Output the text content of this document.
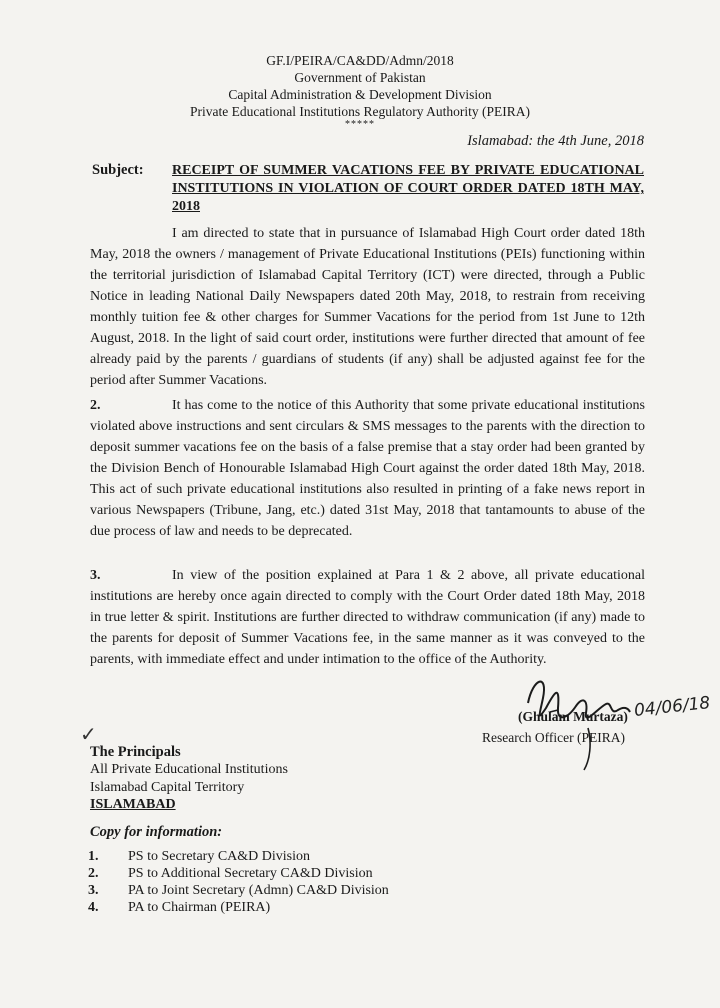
GF.I/PEIRA/CA&DD/Admn/2018
Government of Pakistan
Capital Administration & Development Division
Private Educational Institutions Regulatory Authority (PEIRA)
*****
Islamabad: the 4th June, 2018
Subject: RECEIPT OF SUMMER VACATIONS FEE BY PRIVATE EDUCATIONAL INSTITUTIONS IN VIOLATION OF COURT ORDER DATED 18TH MAY, 2018
I am directed to state that in pursuance of Islamabad High Court order dated 18th May, 2018 the owners / management of Private Educational Institutions (PEIs) functioning within the territorial jurisdiction of Islamabad Capital Territory (ICT) were directed, through a Public Notice in leading National Daily Newspapers dated 20th May, 2018, to restrain from receiving monthly tuition fee & other charges for Summer Vacations for the period from 1st June to 12th August, 2018. In the light of said court order, institutions were further directed that amount of fee already paid by the parents / guardians of students (if any) shall be adjusted against fee for the period after Summer Vacations.
2.	It has come to the notice of this Authority that some private educational institutions violated above instructions and sent circulars & SMS messages to the parents with the direction to deposit summer vacations fee on the basis of a false premise that a stay order had been granted by the Division Bench of Honourable Islamabad High Court against the order dated 18th May, 2018. This act of such private educational institutions also resulted in printing of a fake news report in various Newspapers (Tribune, Jang, etc.) dated 31st May, 2018 that tantamounts to abuse of the due process of law and needs to be deprecated.
3.	In view of the position explained at Para 1 & 2 above, all private educational institutions are hereby once again directed to comply with the Court Order dated 18th May, 2018 in true letter & spirit. Institutions are further directed to withdraw communication (if any) made to the parents for deposit of Summer Vacations fee, in the same manner as it was conveyed to the parents, with immediate effect and under intimation to the office of the Authority.
(Ghulam Murtaza) 04/06/18
Research Officer (PEIRA)
✓
The Principals
All Private Educational Institutions
Islamabad Capital Territory
ISLAMABAD
Copy for information:
1.	PS to Secretary CA&D Division
2.	PS to Additional Secretary CA&D Division
3.	PA to Joint Secretary (Admn) CA&D Division
4.	PA to Chairman (PEIRA)
